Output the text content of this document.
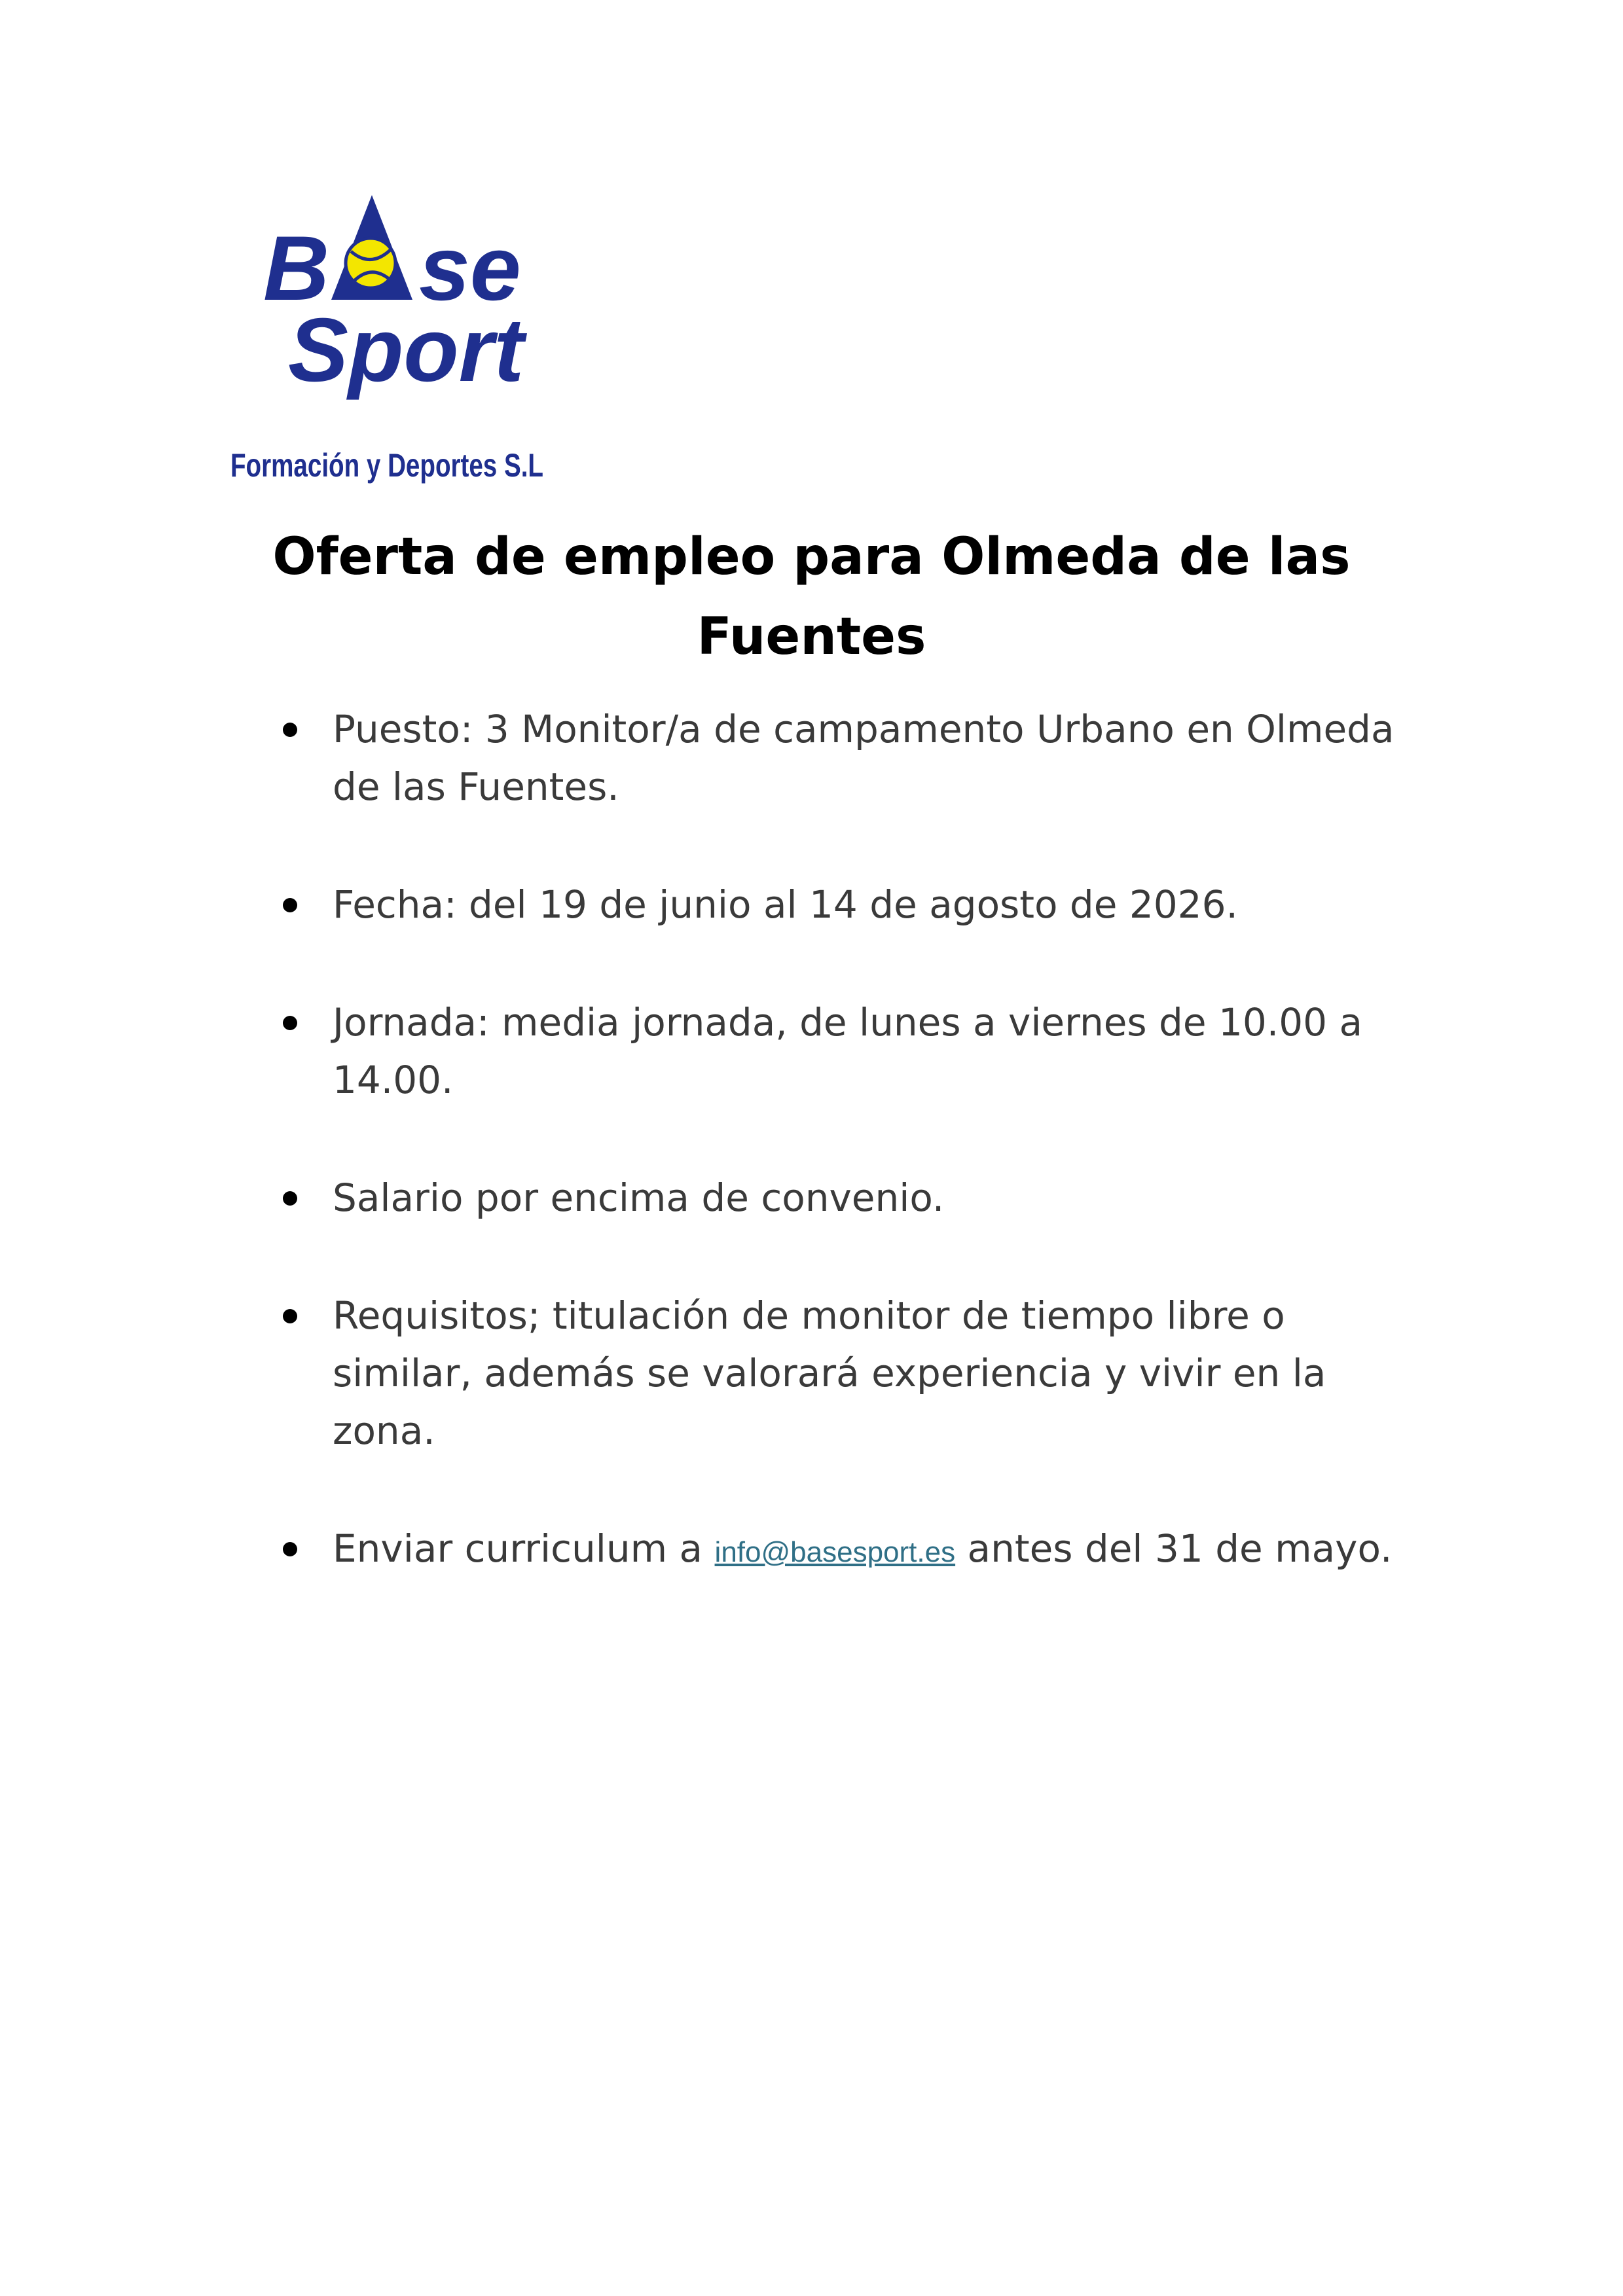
B se
Sport
Formación y Deportes S.L
Oferta de empleo para Olmeda de las
Fuentes
Puesto: 3 Monitor/a de campamento Urbano en Olmeda de las Fuentes.
Fecha: del 19 de junio al 14 de agosto de 2026.
Jornada: media jornada, de lunes a viernes de 10.00 a 14.00.
Salario por encima de convenio.
Requisitos; titulación de monitor de tiempo libre o similar, además se valorará experiencia y vivir en la zona.
Enviar curriculum a info@basesport.es antes del 31 de mayo.
